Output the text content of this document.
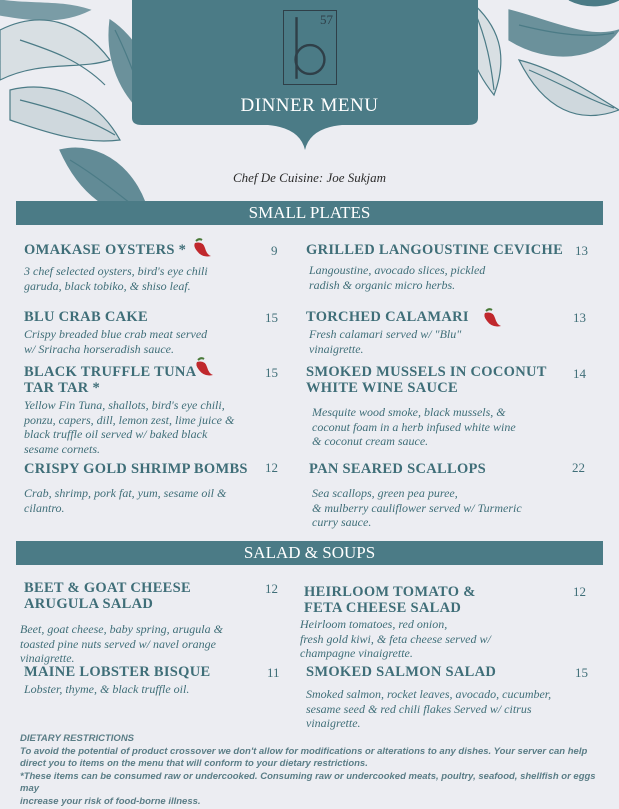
57
DINNER MENU
Chef De Cuisine: Joe Sukjam
SMALL PLATES
OMAKASE OYSTERS *
3 chef selected oysters, bird's eye chili
garuda, black tobiko, & shiso leaf.
9
BLU CRAB CAKE
Crispy breaded blue crab meat served
w/ Sriracha horseradish sauce.
15
BLACK TRUFFLE TUNA
TAR TAR *
Yellow Fin Tuna, shallots, bird's eye chili,
ponzu, capers, dill, lemon zest, lime juice &
black truffle oil served w/ baked black
sesame cornets.
15
CRISPY GOLD SHRIMP BOMBS
Crab, shrimp, pork fat, yum, sesame oil &
cilantro.
12
GRILLED LANGOUSTINE CEVICHE
Langoustine, avocado slices, pickled
radish & organic micro herbs.
13
TORCHED CALAMARI
Fresh calamari served w/ "Blu"
vinaigrette.
13
SMOKED MUSSELS IN COCONUT
WHITE WINE SAUCE
Mesquite wood smoke, black mussels, &
coconut foam in a herb infused white wine
& coconut cream sauce.
14
PAN SEARED SCALLOPS
Sea scallops, green pea puree,
& mulberry cauliflower served w/ Turmeric
curry sauce.
22
SALAD & SOUPS
BEET & GOAT CHEESE
ARUGULA SALAD
Beet, goat cheese, baby spring, arugula &
toasted pine nuts served w/ navel orange
vinaigrette.
12
MAINE LOBSTER BISQUE
Lobster, thyme, & black truffle oil.
11
HEIRLOOM TOMATO &
FETA CHEESE SALAD
Heirloom tomatoes, red onion,
fresh gold kiwi, & feta cheese served w/
champagne vinaigrette.
12
SMOKED SALMON SALAD
Smoked salmon, rocket leaves, avocado, cucumber,
sesame seed & red chili flakes Served w/ citrus
vinaigrette.
15
DIETARY RESTRICTIONS
To avoid the potential of product crossover we don't allow for modifications or alterations to any dishes. Your server can help
direct you to items on the menu that will conform to your dietary restrictions.
*These items can be consumed raw or undercooked. Consuming raw or undercooked meats, poultry, seafood, shellfish or eggs may
increase your risk of food-borne illness.
